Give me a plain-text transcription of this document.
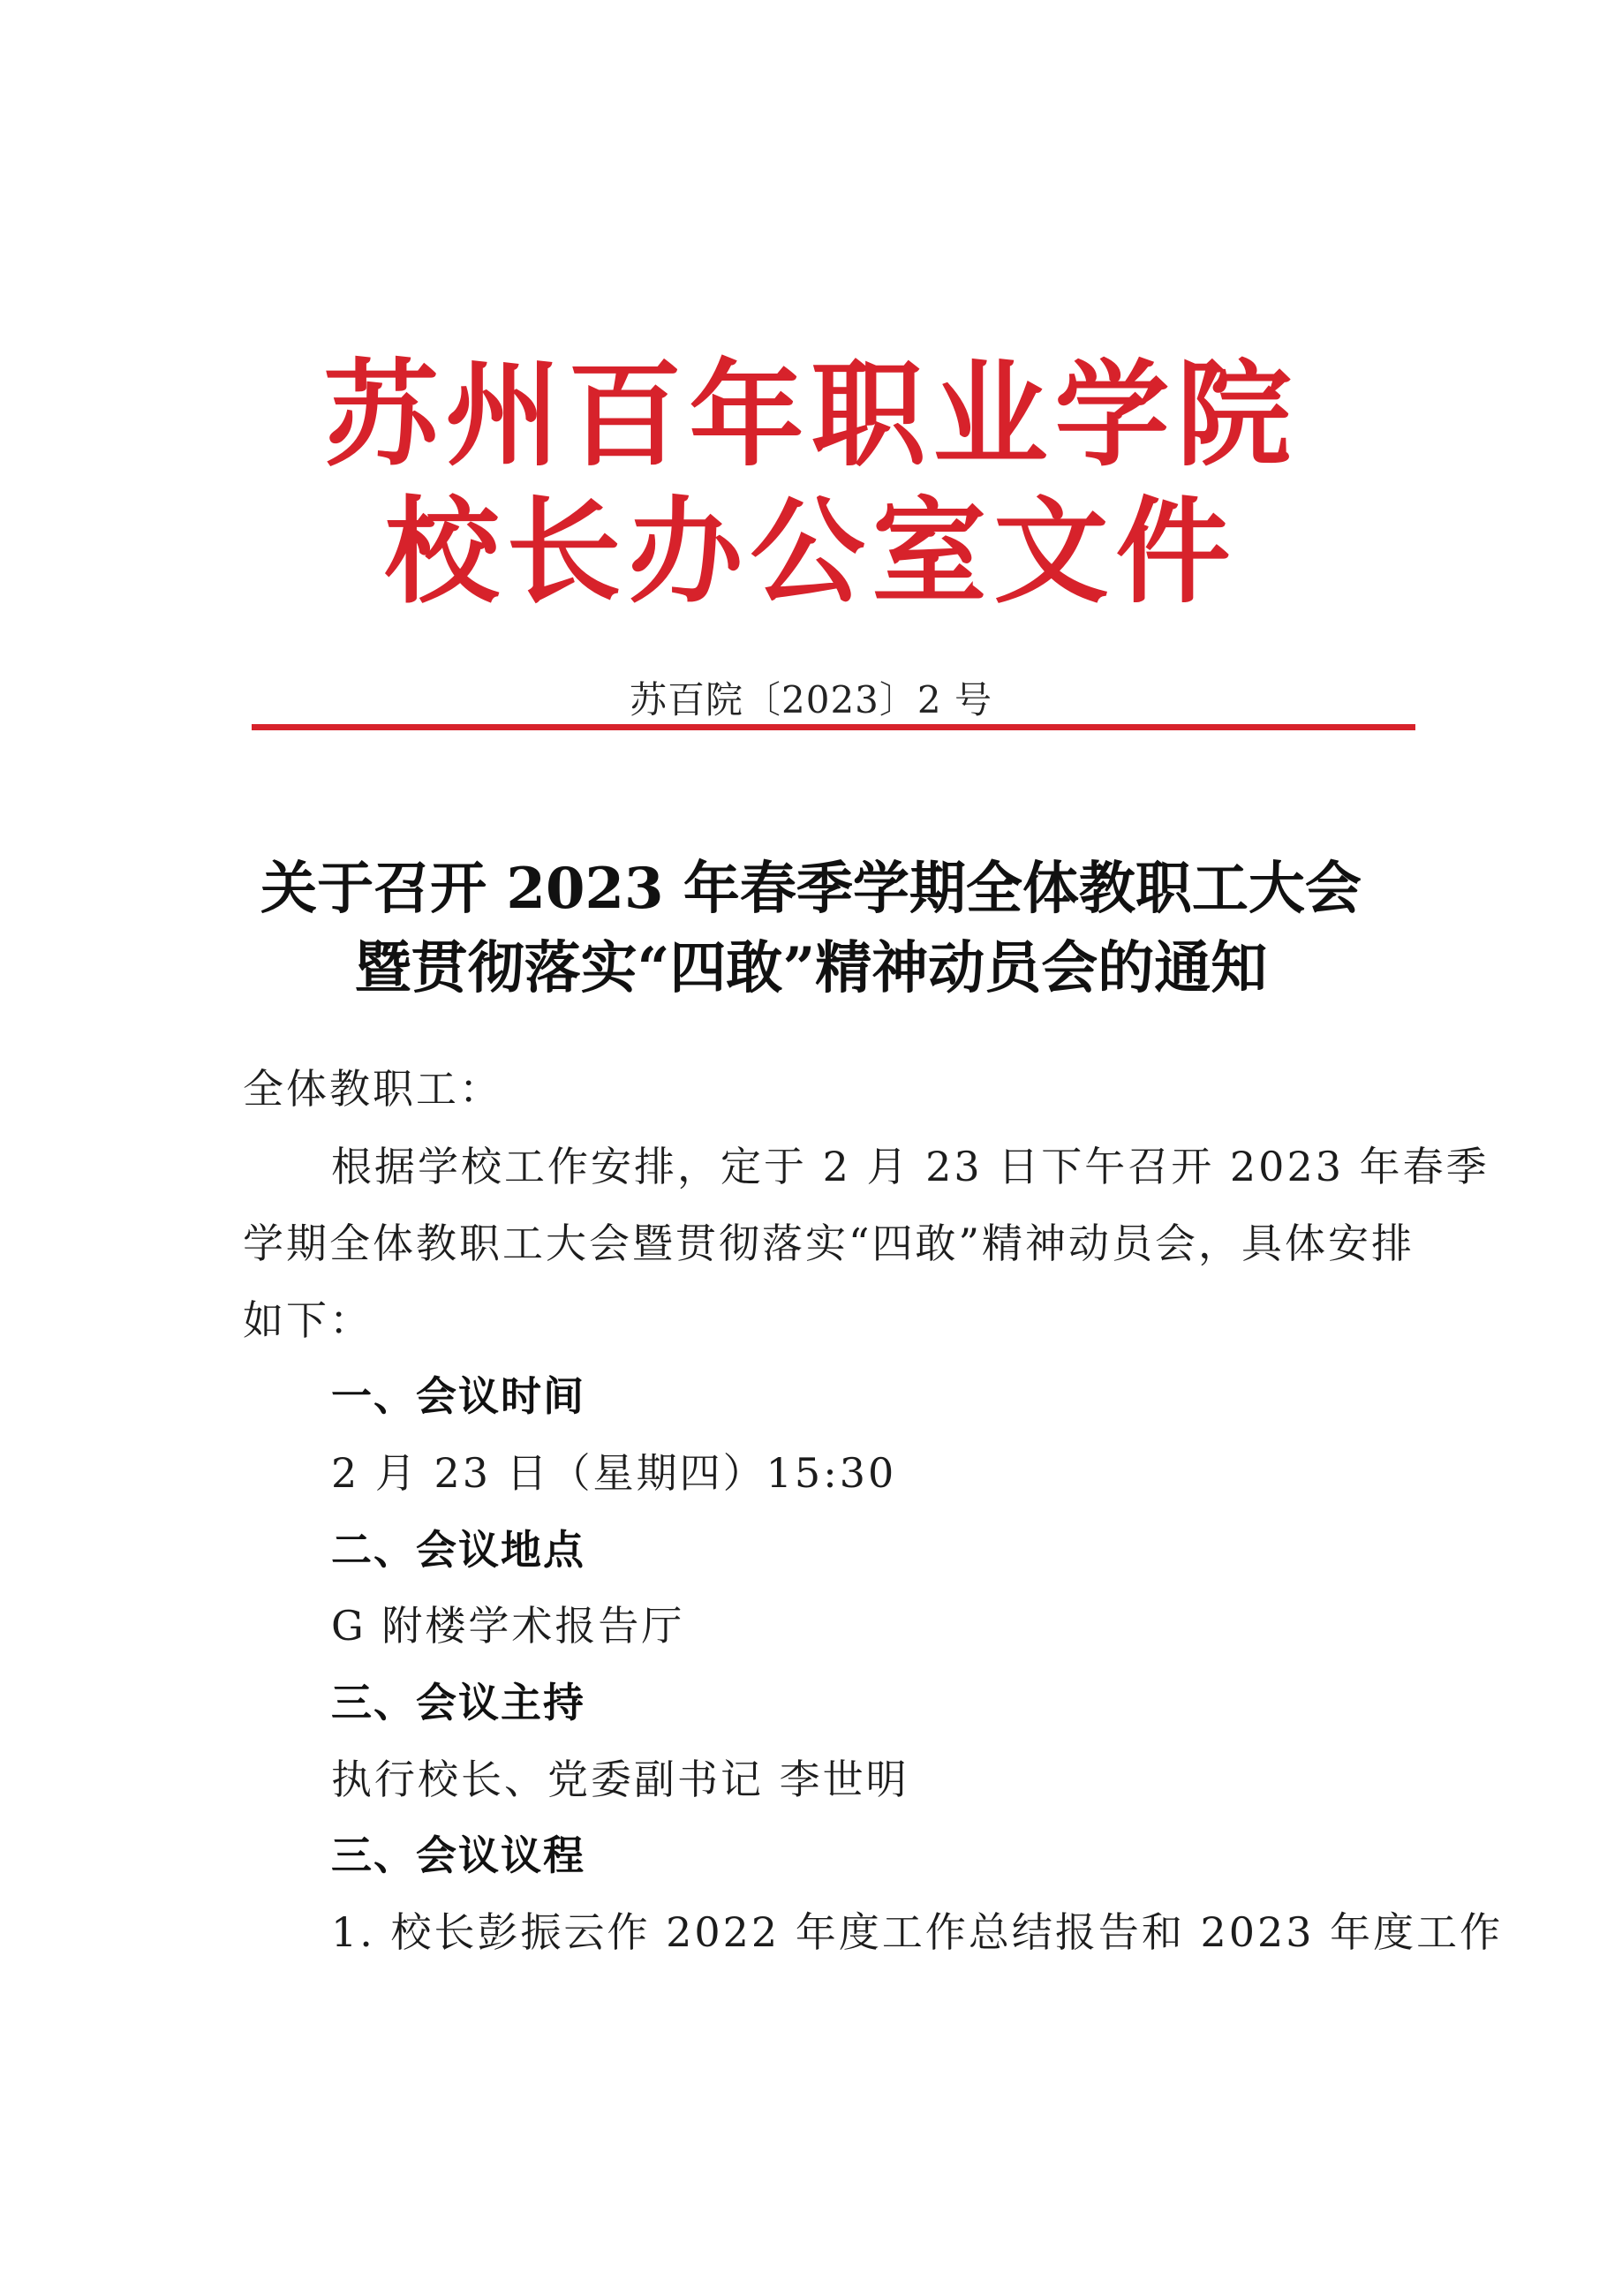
苏州百年职业学院
校长办公室文件
苏百院〔2023〕2 号
关于召开 2023 年春季学期全体教职工大会
暨贯彻落实“四敢”精神动员会的通知

全体教职工：

根据学校工作安排，定于 2 月 23 日下午召开 2023 年春季

学期全体教职工大会暨贯彻落实“四敢”精神动员会，具体安排

如下：

一、会议时间

2 月 23 日（星期四）15:30

二、会议地点

G 附楼学术报告厅

三、会议主持

执行校长、党委副书记 李世明

三、会议议程

1. 校长彭振云作 2022 年度工作总结报告和 2023 年度工作
